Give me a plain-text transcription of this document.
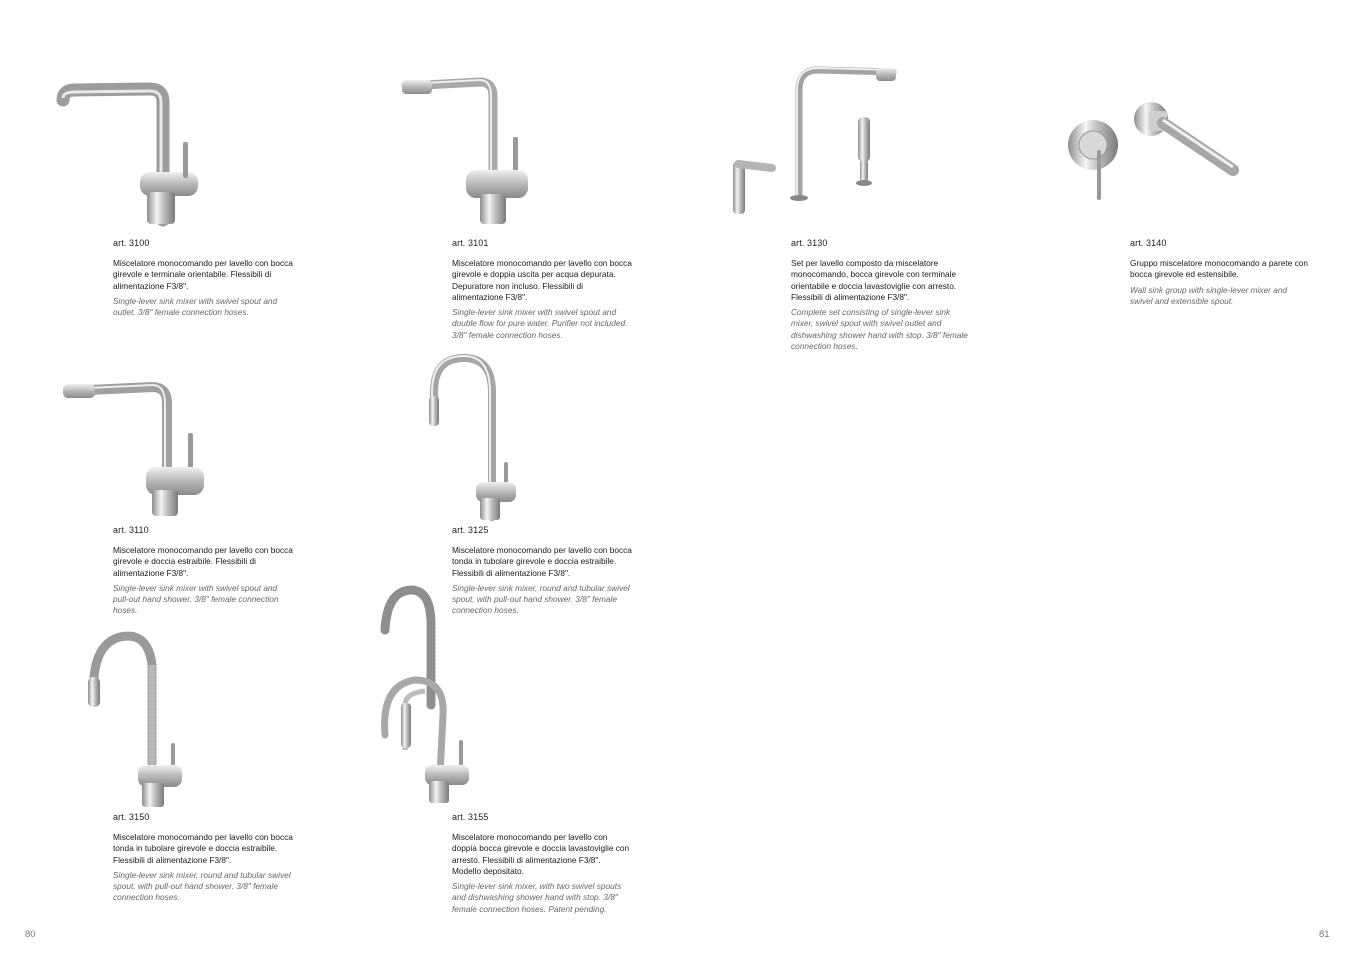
art. 3100
Miscelatore monocomando per lavello con bocca girevole e terminale orientabile. Flessibili di alimentazione F3/8".
Single-lever sink mixer with swivel spout and outlet. 3/8" female connection hoses.
art. 3101
Miscelatore monocomando per lavello con bocca girevole e doppia uscita per acqua depurata. Depuratore non incluso. Flessibili di alimentazione F3/8".
Single-lever sink mixer with swivel spout and double flow for pure water. Purifier not included. 3/8" female connection hoses.
art. 3110
Miscelatore monocomando per lavello con bocca girevole e doccia estraibile. Flessibili di alimentazione F3/8".
Single-lever sink mixer with swivel spout and pull-out hand shower. 3/8" female connection hoses.
art. 3125
Miscelatore monocomando per lavello con bocca tonda in tubolare girevole e doccia estraibile. Flessibili di alimentazione F3/8".
Single-lever sink mixer, round and tubular swivel spout, with pull-out hand shower. 3/8" female connection hoses.
art. 3150
Miscelatore monocomando per lavello con bocca tonda in tubolare girevole e doccia estraibile. Flessibili di alimentazione F3/8".
Single-lever sink mixer, round and tubular swivel spout, with pull-out hand shower. 3/8" female connection hoses.
art. 3155
Miscelatore monocomando per lavello con doppia bocca girevole e doccia lavastoviglie con arresto. Flessibili di alimentazione F3/8". Modello depositato.
Single-lever sink mixer, with two swivel spouts and dishwashing shower hand with stop. 3/8" female connection hoses. Patent pending.
80
art. 3130
Set per lavello composto da miscelatore monocomando, bocca girevole con terminale orientabile e doccia lavastoviglie con arresto. Flessibili di alimentazione F3/8".
Complete set consisting of single-lever sink mixer, swivel spout with swivel outlet and dishwashing shower hand with stop. 3/8" female connection hoses.
art. 3140
Gruppo miscelatore monocomando a parete con bocca girevole ed estensibile.
Wall sink group with single-lever mixer and swivel and extensible spout.
81
